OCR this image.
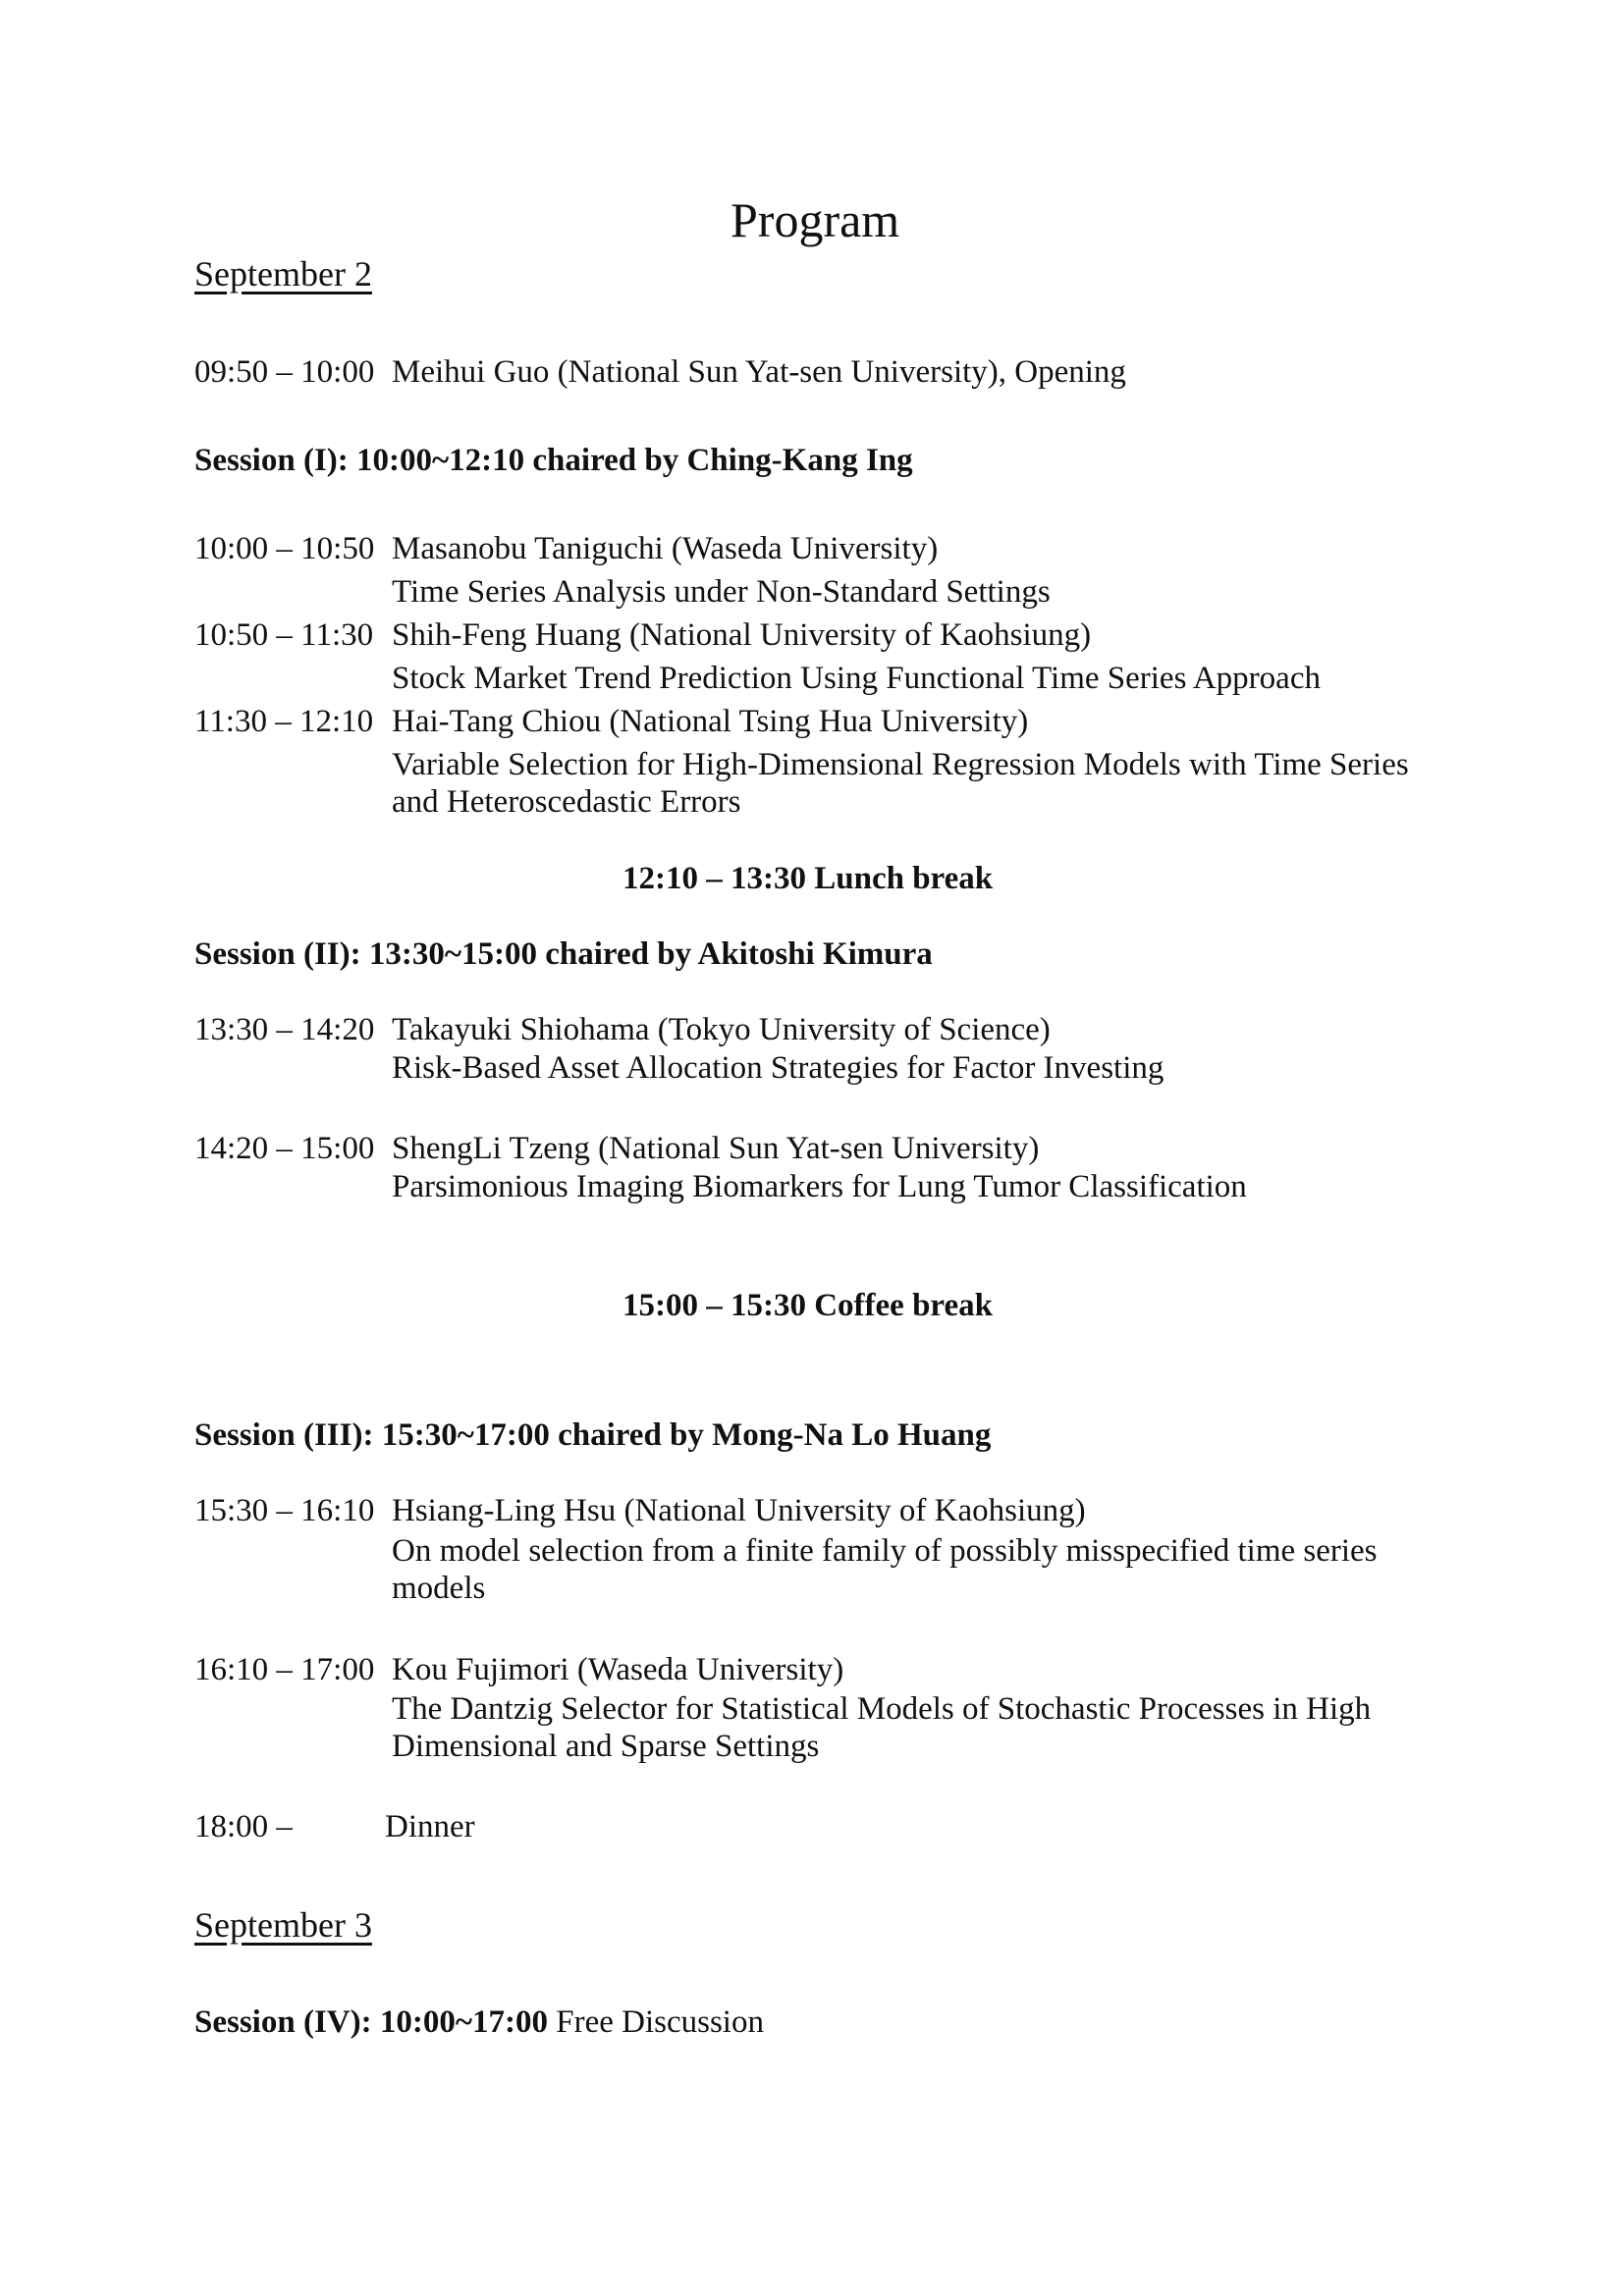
Program
September 2
09:50 – 10:00 Meihui Guo (National Sun Yat-sen University), Opening
Session (I): 10:00~12:10 chaired by Ching-Kang Ing
10:00 – 10:50 Masanobu Taniguchi (Waseda University)
Time Series Analysis under Non-Standard Settings
10:50 – 11:30 Shih-Feng Huang (National University of Kaohsiung)
Stock Market Trend Prediction Using Functional Time Series Approach
11:30 – 12:10 Hai-Tang Chiou (National Tsing Hua University)
Variable Selection for High-Dimensional Regression Models with Time Series
and Heteroscedastic Errors
12:10 – 13:30 Lunch break
Session (II): 13:30~15:00 chaired by Akitoshi Kimura
13:30 – 14:20 Takayuki Shiohama (Tokyo University of Science)
Risk-Based Asset Allocation Strategies for Factor Investing
14:20 – 15:00 ShengLi Tzeng (National Sun Yat-sen University)
Parsimonious Imaging Biomarkers for Lung Tumor Classification
15:00 – 15:30 Coffee break
Session (III): 15:30~17:00 chaired by Mong-Na Lo Huang
15:30 – 16:10 Hsiang-Ling Hsu (National University of Kaohsiung)
On model selection from a finite family of possibly misspecified time series
models
16:10 – 17:00 Kou Fujimori (Waseda University)
The Dantzig Selector for Statistical Models of Stochastic Processes in High
Dimensional and Sparse Settings
18:00 –	Dinner
September 3
Session (IV): 10:00~17:00 Free Discussion
